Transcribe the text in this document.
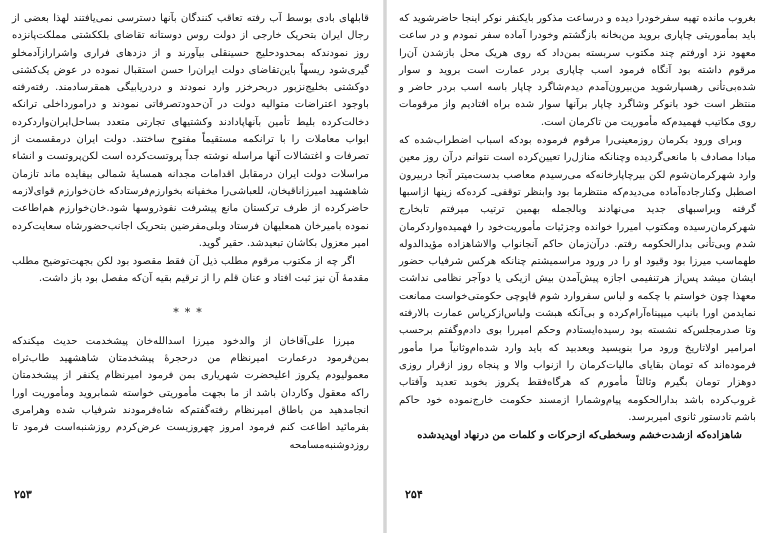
قابلهای بادی بوسط آب رفته تعاقب کنندگان بآنها دسترسی نمی‌یافتند لهذا بعضی از رجال ایران بتحریک خارجی از دولت روس دوستانه تقاضای بلککشتی مملکت‌پانزده روز نمودندکه بمحدودحلیج حسینقلی بیآورند و از دزدهای فراری واشرار‌ازآدمخلو گیری‌شود ریسهاً باین‌تقاضای دولت ایران‌را حسن استقبال نموده در عوض یک‌کشتی دو‌کشتی بخلیج‌نزبور در‌بحرخزر وارد نمودند و دردریابیگی همقرسادمند. رفته‌رفته باوجود اعتراضات متوالیه دولت در آن‌حدودتصرفاتی نمودند و درامورداخلی ترانکه دخالت‌کرده بلیط تأمین بآنهاپادادند وکشتیهای تجارتی متعدد بساحل‌ایران‌وارد‌کرده ابواب معاملات را با ترانکمه مستقیماً مفتوح ساختند. دولت ایران درمقسمت از تصرفات و اغتشالات آنها مراسله نوشته جداً پروتست‌کرده است لکن‌پروتست و انشاء مراسلات دولت ایران درمقابل اقدامات مجدانه همسایهٔ شمالی بیفایده ماند تازمان شاهشهید امیرزاناقیخان، للعباشی‌را مخفیانه بخوارزم‌فرستادکه خان‌خوارزم قوای‌لازمه حاضرکرده از طرف ترکستان مانع پیشرفت نفوذروسها شود.خان‌خوارزم هم‌اطاعت نموده بامیرخان همعلیهان فرستاد وبلی‌مفرضین بتحریک اجانب‌حضورشاه سعایت‌کرده امیر معزول بکاشان تبعیدشد. حقیر گوید.

اگر چه از مکتوب مرقوم مطلب ذیل آن فقط مقصود بود لکن بجهت‌توضیح مطلب مقدمهٔ آن نیز ثبت افتاد و عنان قلم را از ترقیم بقیه آن‌که مفصل بود باز داشت.

***

میرزا علی‌آقاخان از والد‌خود میرزا اسدالله‌خان پیشخدمت حدیث میکندکه بمن‌فرمود درعمارت امیرنظام من درحجرهٔ پیشخدمتان شاهشهید طاب‌ثراه معمولیودم یکروز اعلیحضرت شهریاری بمن فرمود امیرنظام یکنفر از پیشخدمتان راکه معقول وکاردان باشد از ما بجهت مأموریتی خواسته شمابروید ومأموریت اورا انجامدهید من باطاق امیرنظام رفته‌گفتم‌که شاه‌فرمودند شرفیاب شده وهرامری بفرمائید اطاعت کنم فرمود امروز چهروزیست عرض‌کردم روزشنبه‌است فرمود تا روز‌دوشنبه‌مسامحه

۲۵۳

بغروب مانده تهیه سفرخودرا دیده و درساعت مذکور بایکنفر نوکر اینجا حاضرشوید که باید بمأموریتی چاپاری بروید من‌بخانه بازگشتم وخودرا آماده سفر نمودم و در ساعت معهود نزد اورفتم چند مکتوب سربسته بمن‌داد که روی هریک محل بازشدن آن‌را مرقوم داشته بود آنگاه فرمود اسب چاپاری بردر عمارت است بروید و سوار شده‌بی‌تأنی رهسپارشوید من‌بیرون‌آمدم دیدم‌شاگرد چاپار باسه اسب بردر حاضر و منتظر است خود بانوکر وشاگرد چاپار برآنها سوار شده براه افتادیم واز مرقومات روی مکاتیب فهمیدم‌که مأموریت من تاکرمان است.

وبرای ورود بکرمان روزمعینی‌را مرقوم فرموده بودکه اسباب اضطراب‌شده که مبادا مصادف با مانعی‌گردیده وچنانکه منازل‌را تعیین‌کرده است نتوانم درآن روز معین وارد شهرکرمان‌شوم لکن بیرچاپارخانه‌که می‌رسیدم معاصب بدست‌میتر آنجا دربیرون اصطبل وکنارجاده‌آماده می‌دیدم‌که منتظرما بود وابنظر توقفی‌ـ کرده‌که زینها ازاسبها گرفته وبراسبهای جدید می‌نهادند وبالجمله بهمین ترتیب میرفتم تابخارج شهرکرمان‌رسیده ومکتوب امیررا خوانده وجزئیات مأموریت‌خود را فهمیده‌واردکرمان شدم وبی‌تأنی بدارالحکومه رفتم. درآن‌زمان حاکم آنجانواب والاشاهزاده مؤیدالدوله طهماسب میرزا بود وقیود او را در ورود مراسمیشتم چنانکه هرکس شرفیاب حضور ایشان میشد پس‌از هرتنفیمی اجازه پیش‌آمدن بیش ازیکی یا دوآجر نظامی نداشت معهذا چون خواستم با چکمه و لباس سفروارد شوم قاپوچی حکومتی‌خواست ممانعت نمایدمن اورا بانیب میپیناه‌آرام‌کرده و بی‌آنکه هبشت ولباس‌ازکریاس عمارت بالارفته وتا صدرمجلس‌که نشسته بود رسیده‌ایستادم وحکم امیررا بوی دادم‌وگفتم برحسب امرامیر اولاتاریخ ورود مرا بنویسید وبعدبید که باید وارد شده‌ام‌وثانیاً مرا مأمور فرموده‌اند که تومان بقایای مالیات‌کرمان را ازنواب والا و پنجاه روز ازقرار روزی دوهزار تومان بگیرم وثالثاً مأمورم که هرگاه‌فقط یکروز بخوبد تعدید وآفتاب غروب‌کرده باشد بدارالحکومه پیام‌وشمارا ازمسند حکومت خارج‌نموده خود حاکم باشم تادستور ثانوی امیربرسد.

شاهزاده‌که ازشدت‌خشم وسخطی‌که ازحرکات و کلمات من درنهاد اوپدیدشده

۲۵۴
